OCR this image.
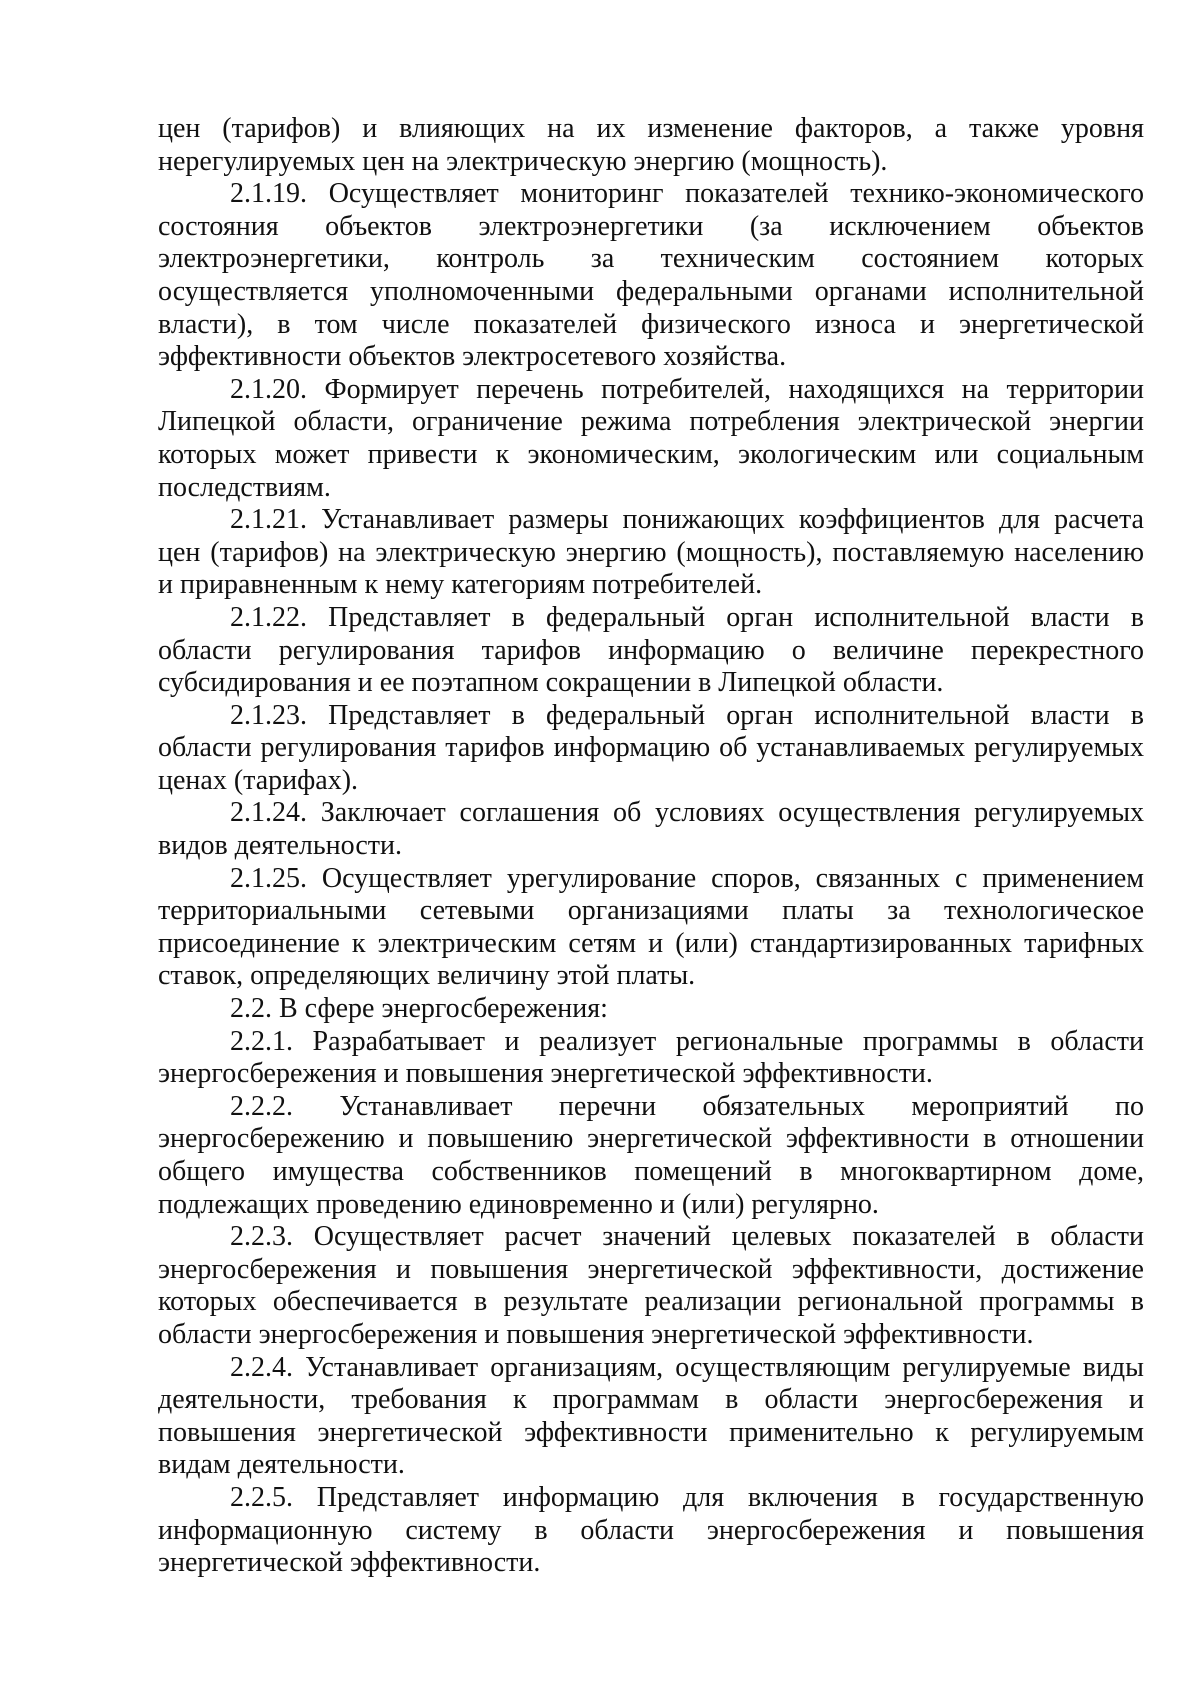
цен (тарифов) и влияющих на их изменение факторов, а также уровня нерегулируемых цен на электрическую энергию (мощность).

2.1.19. Осуществляет мониторинг показателей технико-экономического состояния объектов электроэнергетики (за исключением объектов электроэнергетики, контроль за техническим состоянием которых осуществляется уполномоченными федеральными органами исполнительной власти), в том числе показателей физического износа и энергетической эффективности объектов электросетевого хозяйства.

2.1.20. Формирует перечень потребителей, находящихся на территории Липецкой области, ограничение режима потребления электрической энергии которых может привести к экономическим, экологическим или социальным последствиям.

2.1.21. Устанавливает размеры понижающих коэффициентов для расчета цен (тарифов) на электрическую энергию (мощность), поставляемую населению и приравненным к нему категориям потребителей.

2.1.22. Представляет в федеральный орган исполнительной власти в области регулирования тарифов информацию о величине перекрестного субсидирования и ее поэтапном сокращении в Липецкой области.

2.1.23. Представляет в федеральный орган исполнительной власти в области регулирования тарифов информацию об устанавливаемых регулируемых ценах (тарифах).

2.1.24. Заключает соглашения об условиях осуществления регулируемых видов деятельности.

2.1.25. Осуществляет урегулирование споров, связанных с применением территориальными сетевыми организациями платы за технологическое присоединение к электрическим сетям и (или) стандартизированных тарифных ставок, определяющих величину этой платы.

2.2. В сфере энергосбережения:

2.2.1. Разрабатывает и реализует региональные программы в области энергосбережения и повышения энергетической эффективности.

2.2.2. Устанавливает перечни обязательных мероприятий по энергосбережению и повышению энергетической эффективности в отношении общего имущества собственников помещений в многоквартирном доме, подлежащих проведению единовременно и (или) регулярно.

2.2.3. Осуществляет расчет значений целевых показателей в области энергосбережения и повышения энергетической эффективности, достижение которых обеспечивается в результате реализации региональной программы в области энергосбережения и повышения энергетической эффективности.

2.2.4. Устанавливает организациям, осуществляющим регулируемые виды деятельности, требования к программам в области энергосбережения и повышения энергетической эффективности применительно к регулируемым видам деятельности.

2.2.5. Представляет информацию для включения в государственную информационную систему в области энергосбережения и повышения энергетической эффективности.
